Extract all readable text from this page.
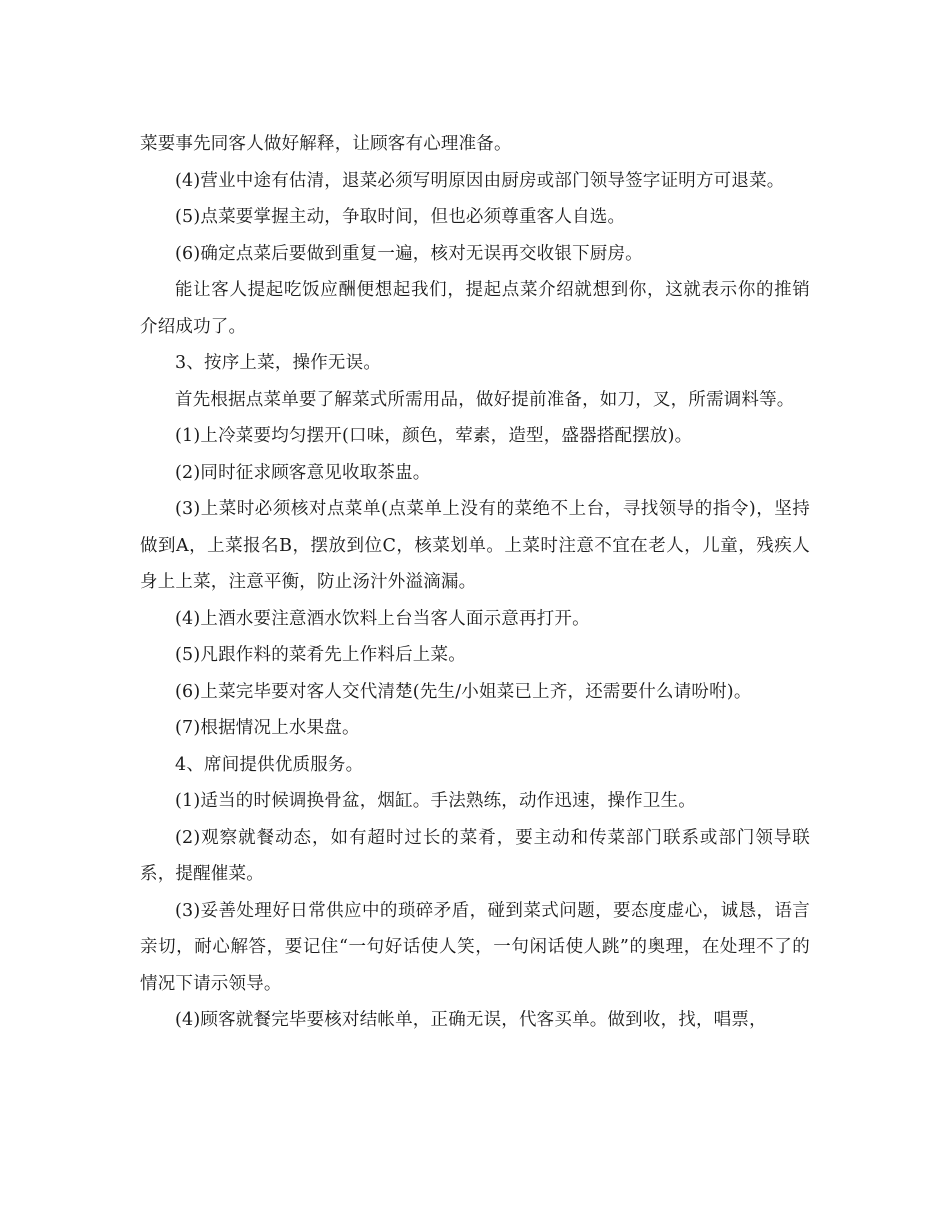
菜要事先同客人做好解释，让顾客有心理准备。

(4)营业中途有估清，退菜必须写明原因由厨房或部门领导签字证明方可退菜。

(5)点菜要掌握主动，争取时间，但也必须尊重客人自选。

(6)确定点菜后要做到重复一遍，核对无误再交收银下厨房。

能让客人提起吃饭应酬便想起我们，提起点菜介绍就想到你，这就表示你的推销介绍成功了。

3、按序上菜，操作无误。

首先根据点菜单要了解菜式所需用品，做好提前准备，如刀，叉，所需调料等。

(1)上冷菜要均匀摆开(口味，颜色，荤素，造型，盛器搭配摆放)。

(2)同时征求顾客意见收取茶盅。

(3)上菜时必须核对点菜单(点菜单上没有的菜绝不上台，寻找领导的指令)，坚持做到A，上菜报名B，摆放到位C，核菜划单。上菜时注意不宜在老人，儿童，残疾人身上上菜，注意平衡，防止汤汁外溢滴漏。

(4)上酒水要注意酒水饮料上台当客人面示意再打开。

(5)凡跟作料的菜肴先上作料后上菜。

(6)上菜完毕要对客人交代清楚(先生/小姐菜已上齐，还需要什么请吩咐)。

(7)根据情况上水果盘。

4、席间提供优质服务。

(1)适当的时候调换骨盆，烟缸。手法熟练，动作迅速，操作卫生。

(2)观察就餐动态，如有超时过长的菜肴，要主动和传菜部门联系或部门领导联系，提醒催菜。

(3)妥善处理好日常供应中的琐碎矛盾，碰到菜式问题，要态度虚心，诚恳，语言亲切，耐心解答，要记住“一句好话使人笑，一句闲话使人跳”的奥理，在处理不了的情况下请示领导。

(4)顾客就餐完毕要核对结帐单，正确无误，代客买单。做到收，找，唱票，
